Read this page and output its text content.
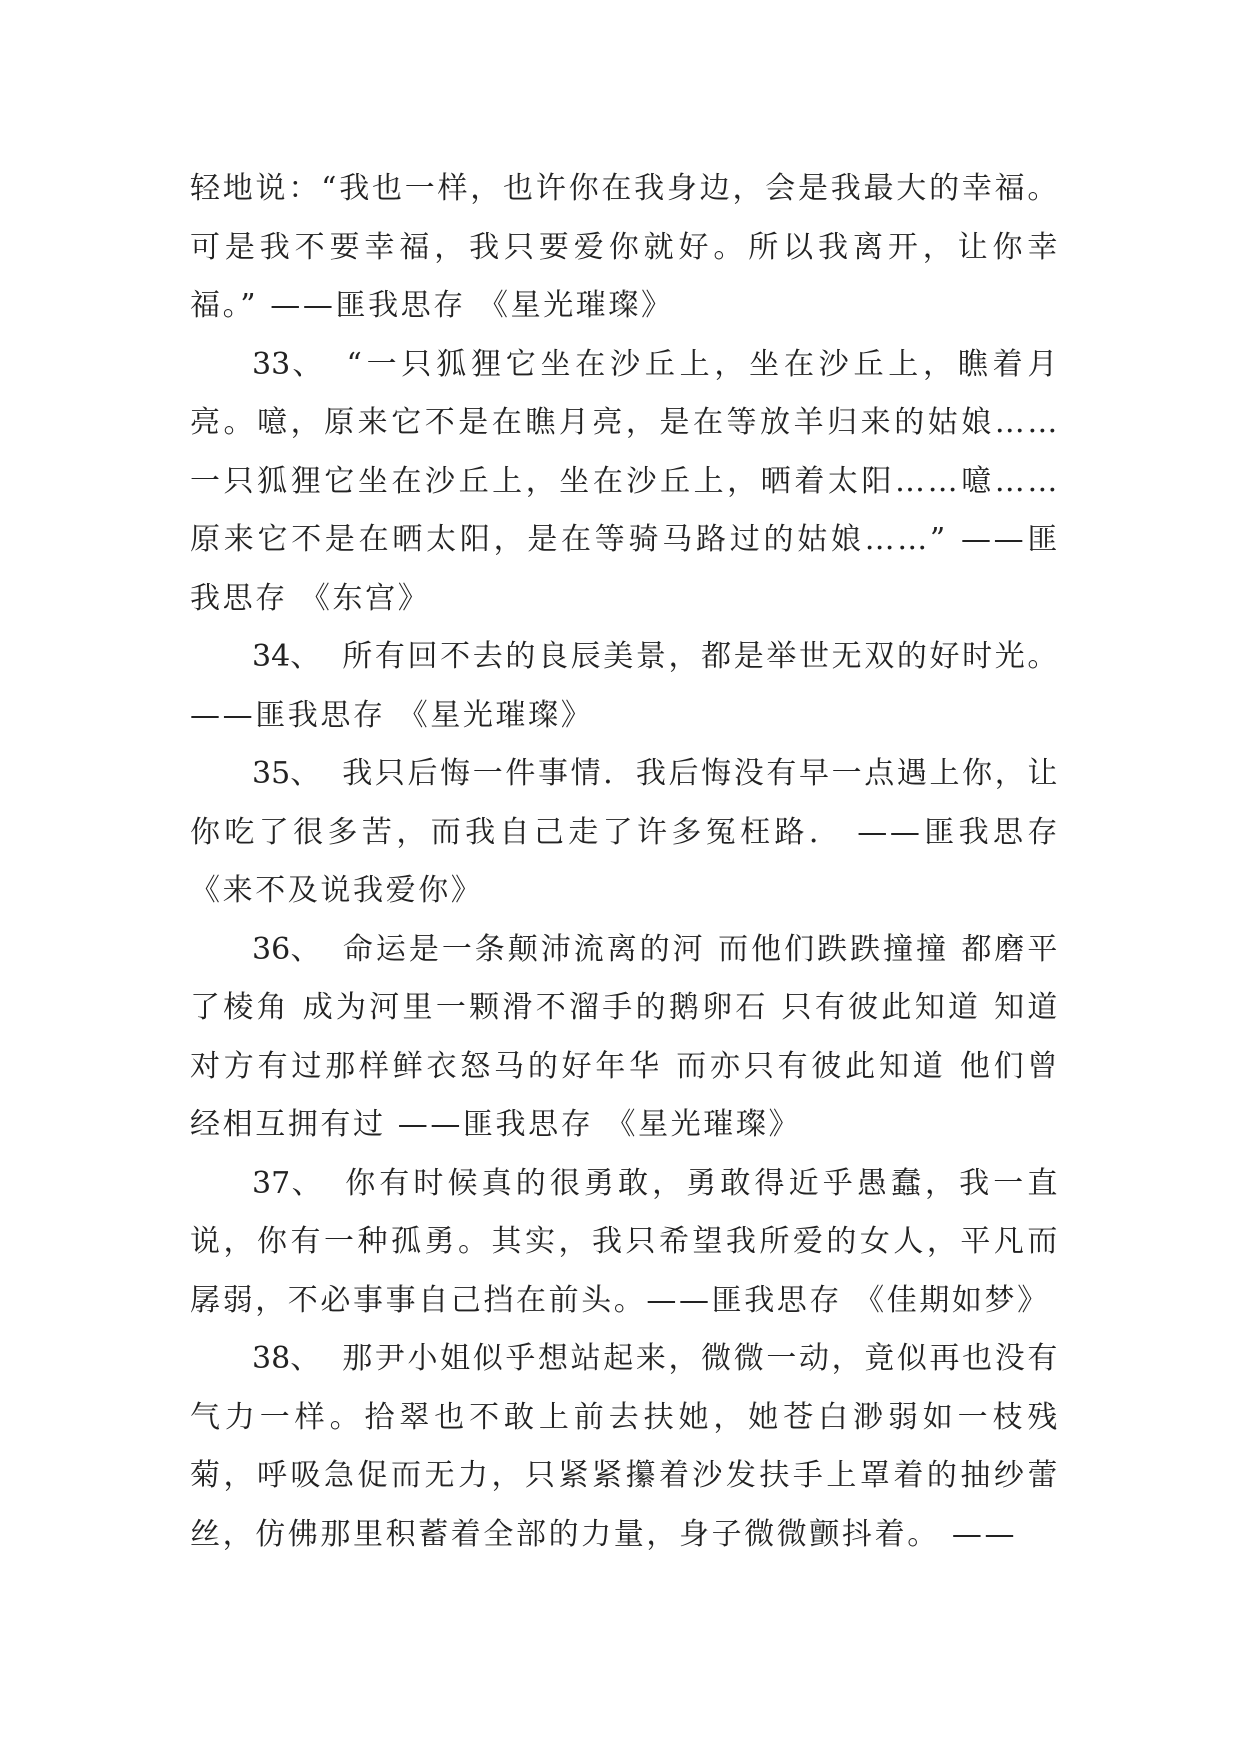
轻地说：“我也一样，也许你在我身边，会是我最大的幸福。可是我不要幸福，我只要爱你就好。所以我离开，让你幸福。” ——匪我思存 《星光璀璨》

33、 “一只狐狸它坐在沙丘上，坐在沙丘上，瞧着月亮。噫，原来它不是在瞧月亮，是在等放羊归来的姑娘……一只狐狸它坐在沙丘上，坐在沙丘上，晒着太阳……噫……原来它不是在晒太阳，是在等骑马路过的姑娘……” ——匪我思存 《东宫》

34、 所有回不去的良辰美景，都是举世无双的好时光。——匪我思存 《星光璀璨》

35、 我只后悔一件事情．我后悔没有早一点遇上你，让你吃了很多苦，而我自己走了许多冤枉路． ——匪我思存 《来不及说我爱你》

36、 命运是一条颠沛流离的河 而他们跌跌撞撞 都磨平了棱角 成为河里一颗滑不溜手的鹅卵石 只有彼此知道 知道对方有过那样鲜衣怒马的好年华 而亦只有彼此知道 他们曾经相互拥有过 ——匪我思存 《星光璀璨》

37、 你有时候真的很勇敢，勇敢得近乎愚蠢，我一直说，你有一种孤勇。其实，我只希望我所爱的女人，平凡而孱弱，不必事事自己挡在前头。——匪我思存 《佳期如梦》

38、 那尹小姐似乎想站起来，微微一动，竟似再也没有气力一样。拾翠也不敢上前去扶她，她苍白渺弱如一枝残菊，呼吸急促而无力，只紧紧攥着沙发扶手上罩着的抽纱蕾丝，仿佛那里积蓄着全部的力量，身子微微颤抖着。 ——
